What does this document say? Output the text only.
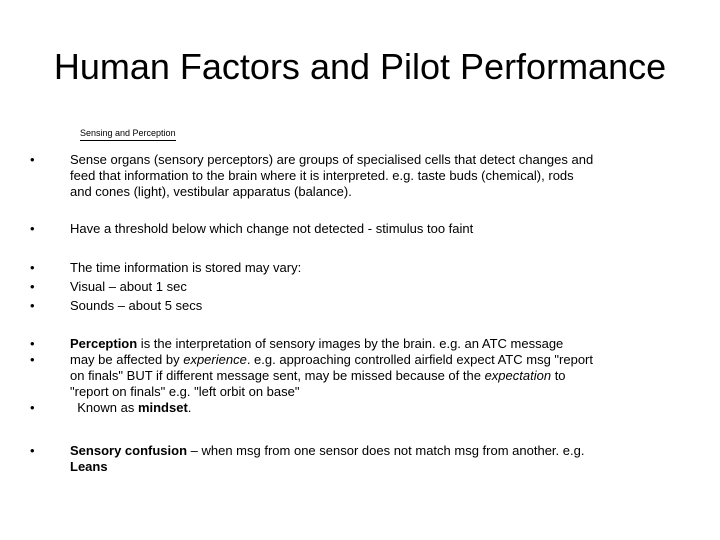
Human Factors and Pilot Performance
Sensing and Perception
•	Sense organs (sensory perceptors) are groups of specialised cells that detect changes and
feed that information to the brain where it is interpreted. e.g. taste buds (chemical), rods
and cones (light), vestibular apparatus (balance).
•	Have a threshold below which change not detected - stimulus too faint
•	The time information is stored may vary:
•	Visual – about 1 sec
•	Sounds – about 5 secs
•	Perception is the interpretation of sensory images by the brain. e.g. an ATC message
•	may be affected by experience. e.g. approaching controlled airfield expect ATC msg "report
on finals" BUT if different message sent, may be missed because of the expectation to
"report on finals" e.g. "left orbit on base"
•	Known as mindset.
•	Sensory confusion – when msg from one sensor does not match msg from another. e.g.
Leans
